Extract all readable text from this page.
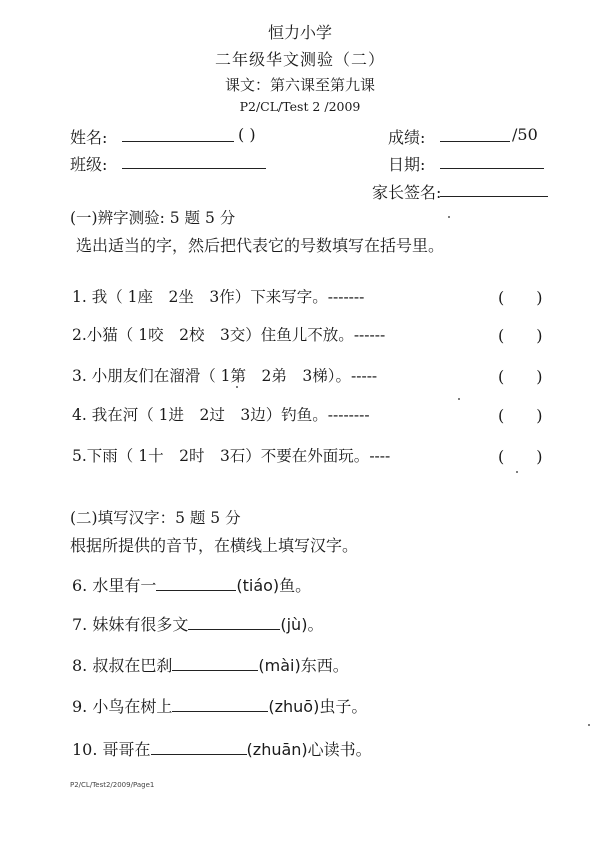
恒力小学
二年级华文测验（二）
课文：第六课至第九课
P2/CL/Test 2 /2009
姓名:	( )	成绩:	/50
班级:	日期:
家长签名:
(一)辨字测验: 5 题 5 分
选出适当的字，然后把代表它的号数填写在括号里。
1. 我（ 1座　2坐　3作）下来写字。-------	(　　)
2.小猫（ 1咬　2校　3交）住鱼儿不放。------	(　　)
3. 小朋友们在溜滑（ 1第　2弟　3梯）。-----	(　　)
4. 我在河（ 1进　2过　3边）钓鱼。--------	(　　)
5.下雨（ 1十　2时　3石）不要在外面玩。----	(　　)
(二)填写汉字：5 题 5 分
根据所提供的音节，在横线上填写汉字。
6. 水里有一	(tiáo)鱼。
7. 妹妹有很多文	(jù)。
8. 叔叔在巴刹	(mài)东西。
9. 小鸟在树上	(zhuō)虫子。
10. 哥哥在	(zhuān)心读书。
P2/CL/Test2/2009/Page1
